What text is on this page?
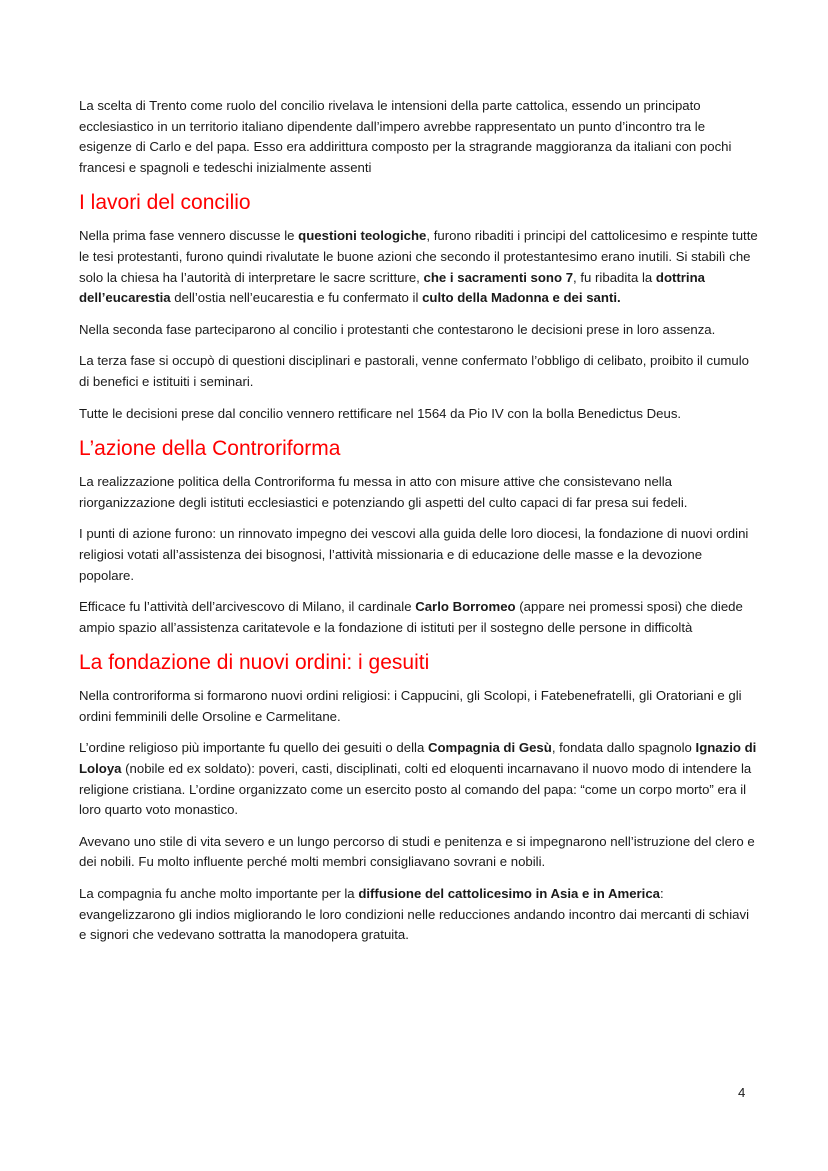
La scelta di Trento come ruolo del concilio rivelava le intensioni della parte cattolica, essendo un principato ecclesiastico in un territorio italiano dipendente dall’impero avrebbe rappresentato un punto d’incontro tra le esigenze di Carlo e del papa. Esso era addirittura composto per la stragrande maggioranza da italiani con pochi francesi e spagnoli e tedeschi inizialmente assenti

I lavori del concilio

Nella prima fase vennero discusse le questioni teologiche, furono ribaditi i principi del cattolicesimo e respinte tutte le tesi protestanti, furono quindi rivalutate le buone azioni che secondo il protestantesimo erano inutili. Si stabilì che solo la chiesa ha l’autorità di interpretare le sacre scritture, che i sacramenti sono 7, fu ribadita la dottrina dell’eucarestia dell’ostia nell’eucarestia e fu confermato il culto della Madonna e dei santi.

Nella seconda fase parteciparono al concilio i protestanti che contestarono le decisioni prese in loro assenza.

La terza fase si occupò di questioni disciplinari e pastorali, venne confermato l’obbligo di celibato, proibito il cumulo di benefici e istituiti i seminari.

Tutte le decisioni prese dal concilio vennero rettificare nel 1564 da Pio IV con la bolla Benedictus Deus.

L’azione della Controriforma

La realizzazione politica della Controriforma fu messa in atto con misure attive che consistevano nella riorganizzazione degli istituti ecclesiastici e potenziando gli aspetti del culto capaci di far presa sui fedeli.

I punti di azione furono: un rinnovato impegno dei vescovi alla guida delle loro diocesi, la fondazione di nuovi ordini religiosi votati all’assistenza dei bisognosi, l’attività missionaria e di educazione delle masse e la devozione popolare.

Efficace fu l’attività dell’arcivescovo di Milano, il cardinale Carlo Borromeo (appare nei promessi sposi) che diede ampio spazio all’assistenza caritatevole e la fondazione di istituti per il sostegno delle persone in difficoltà

La fondazione di nuovi ordini: i gesuiti

Nella controriforma si formarono nuovi ordini religiosi: i Cappucini, gli Scolopi, i Fatebenefratelli, gli Oratoriani e gli ordini femminili delle Orsoline e Carmelitane.

L’ordine religioso più importante fu quello dei gesuiti o della Compagnia di Gesù, fondata dallo spagnolo Ignazio di Loloya (nobile ed ex soldato): poveri, casti, disciplinati, colti ed eloquenti incarnavano il nuovo modo di intendere la religione cristiana. L’ordine organizzato come un esercito posto al comando del papa: “come un corpo morto” era il loro quarto voto monastico.

Avevano uno stile di vita severo e un lungo percorso di studi e penitenza e si impegnarono nell’istruzione del clero e dei nobili. Fu molto influente perché molti membri consigliavano sovrani e nobili.

La compagnia fu anche molto importante per la diffusione del cattolicesimo in Asia e in America: evangelizzarono gli indios migliorando le loro condizioni nelle reducciones andando incontro dai mercanti di schiavi e signori che vedevano sottratta la manodopera gratuita.

4
